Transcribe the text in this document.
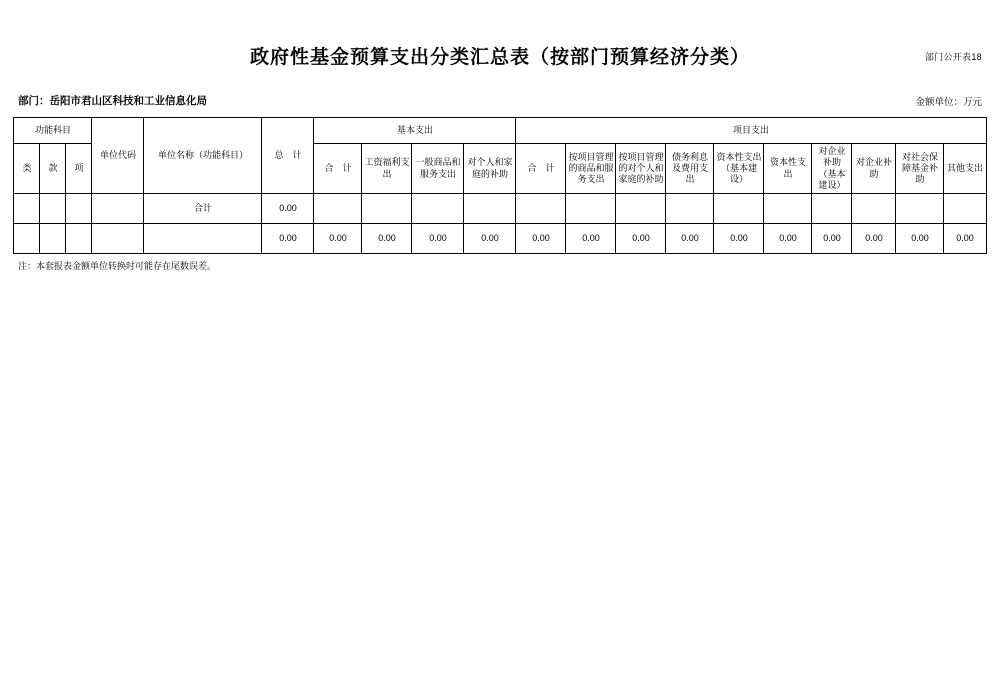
部门公开表18
政府性基金预算支出分类汇总表（按部门预算经济分类）
部门：岳阳市君山区科技和工业信息化局	金额单位：万元
功能科目			单位代码	单位名称（功能科目）	总　计	基本支出				项目支出									
类	款	项				合　计	工资福利支出	一般商品和服务支出	对个人和家庭的补助	合　计	按项目管理的商品和服务支出	按项目管理的对个人和家庭的补助	债务利息及费用支出	资本性支出（基本建设）	资本性支出	对企业补助（基本建设）	对企业补助	对社会保障基金补助	其他支出
				合计	0.00														
					0.00	0.00	0.00	0.00	0.00	0.00	0.00	0.00	0.00	0.00	0.00	0.00	0.00	0.00	0.00
注：本套报表金额单位转换时可能存在尾数误差。
